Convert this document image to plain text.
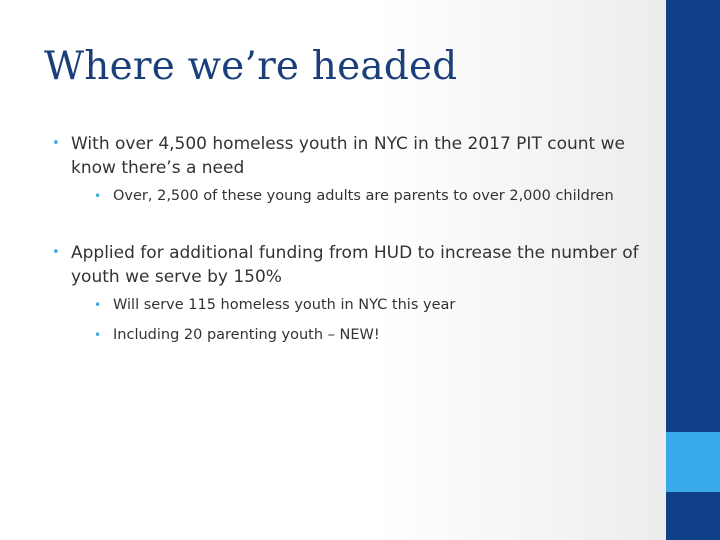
Where we’re headed
• With over 4,500 homeless youth in NYC in the 2017 PIT count we know there’s a need
• Over, 2,500 of these young adults are parents to over 2,000 children
• Applied for additional funding from HUD to increase the number of youth we serve by 150%
• Will serve 115 homeless youth in NYC this year
• Including 20 parenting youth – NEW!
